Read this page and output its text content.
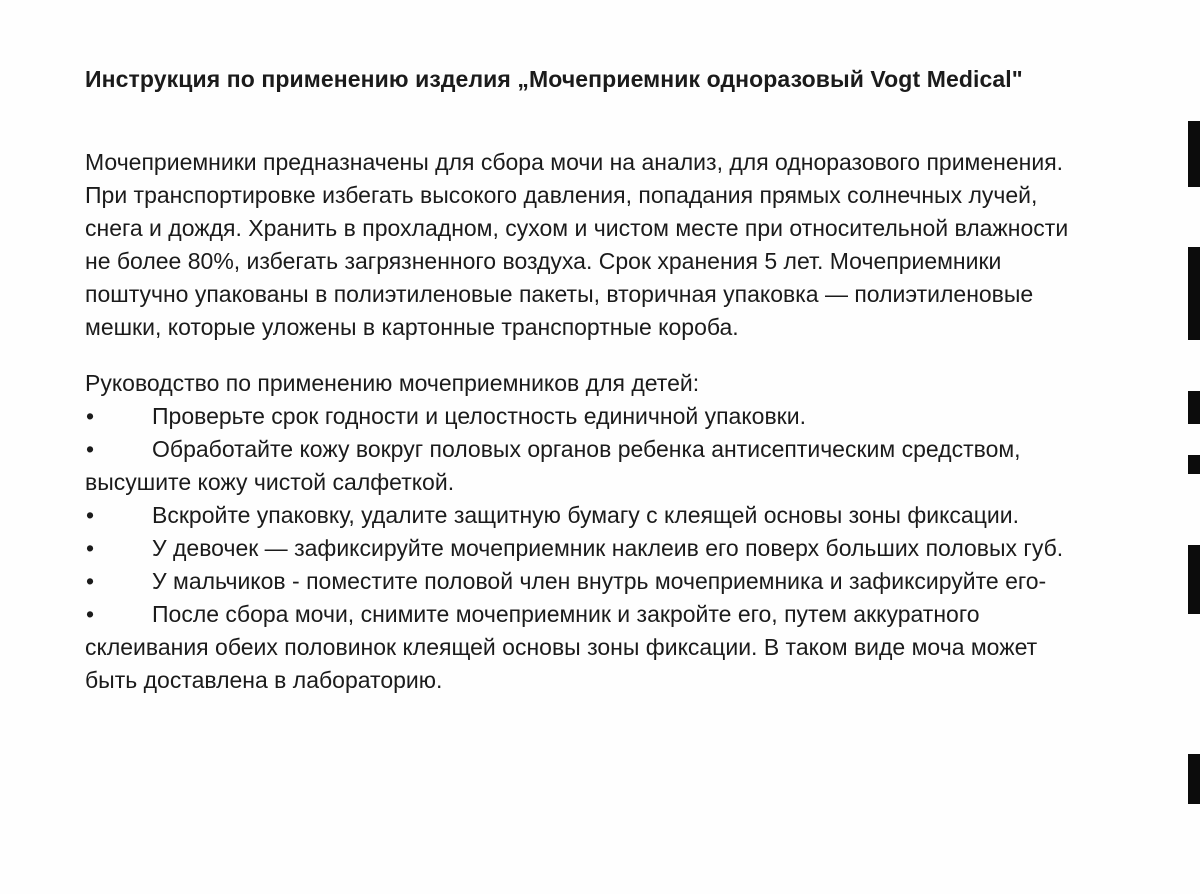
Инструкция по применению изделия „Мочеприемник одноразовый Vogt Medical"
Мочеприемники предназначены для сбора мочи на анализ, для одноразового применения.
При транспортировке избегать высокого давления, попадания прямых солнечных лучей,
снега и дождя. Хранить в прохладном, сухом и чистом месте при относительной влажности
не более 80%, избегать загрязненного воздуха. Срок хранения 5 лет. Мочеприемники
поштучно упакованы в полиэтиленовые пакеты, вторичная упаковка — полиэтиленовые
мешки, которые уложены в картонные транспортные короба.
Руководство по применению мочеприемников для детей:
•	Проверьте срок годности и целостность единичной упаковки.
•	Обработайте кожу вокруг половых органов ребенка антисептическим средством,
высушите кожу чистой салфеткой.
•	Вскройте упаковку, удалите защитную бумагу с клеящей основы зоны фиксации.
•	У девочек — зафиксируйте мочеприемник наклеив его поверх больших половых губ.
•	У мальчиков - поместите половой член внутрь мочеприемника и зафиксируйте его-
•	После сбора мочи, снимите мочеприемник и закройте его, путем аккуратного
склеивания обеих половинок клеящей основы зоны фиксации. В таком виде моча может
быть доставлена в лабораторию.
